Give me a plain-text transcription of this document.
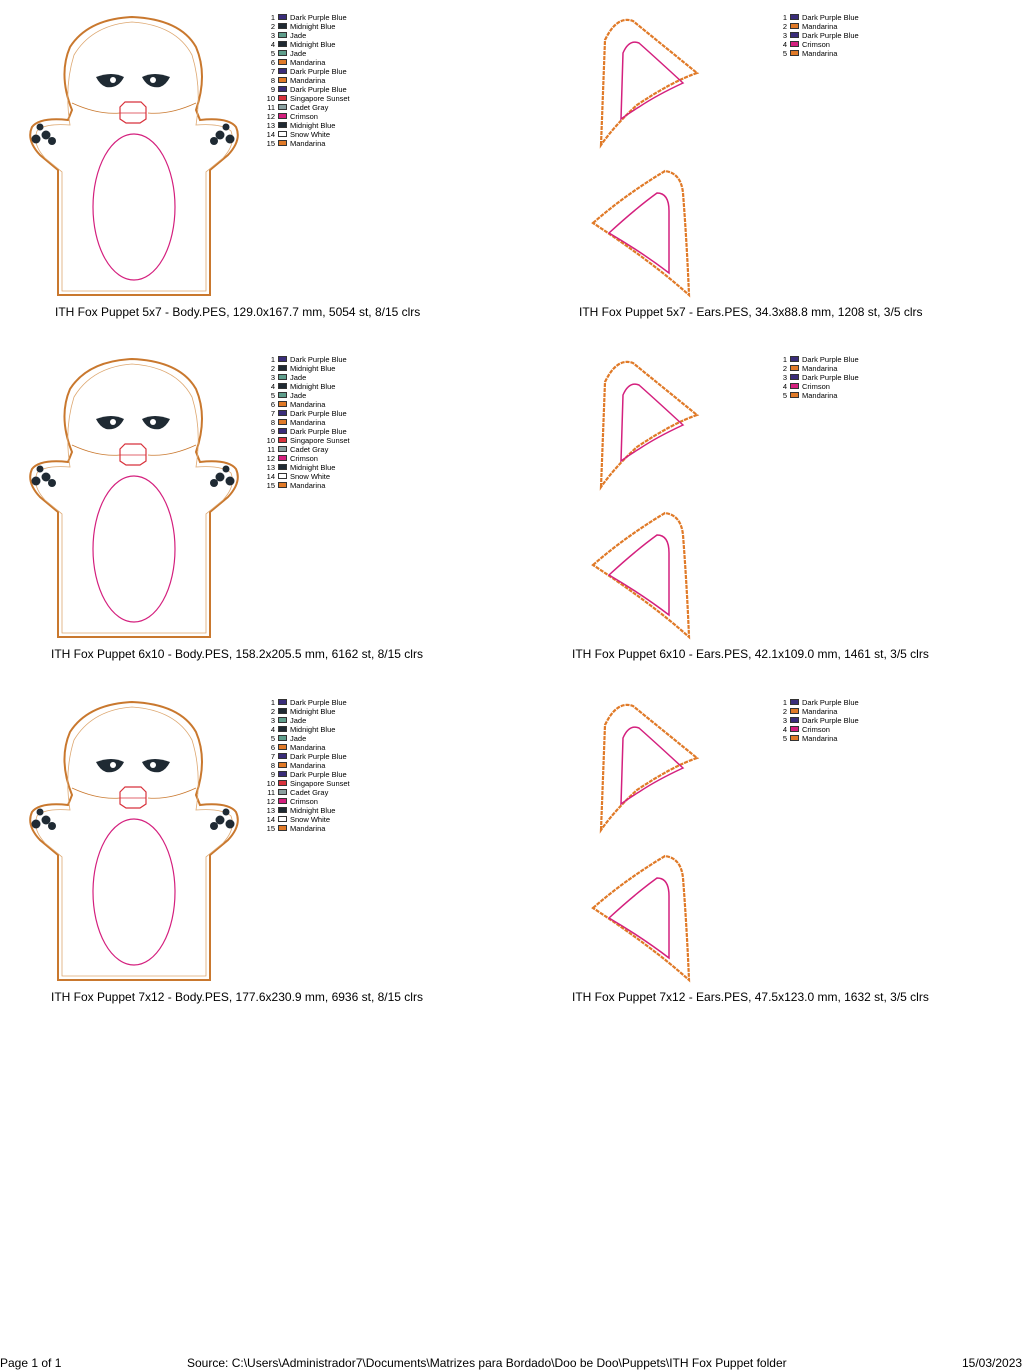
1 Dark Purple Blue
2 Midnight Blue
3 Jade
4 Midnight Blue
5 Jade
6 Mandarina
7 Dark Purple Blue
8 Mandarina
9 Dark Purple Blue
10 Singapore Sunset
11 Cadet Gray
12 Crimson
13 Midnight Blue
14 Snow White
15 Mandarina
ITH Fox Puppet 5x7 - Body.PES, 129.0x167.7 mm, 5054 st, 8/15 clrs
1 Dark Purple Blue
2 Mandarina
3 Dark Purple Blue
4 Crimson
5 Mandarina
ITH Fox Puppet 5x7 - Ears.PES, 34.3x88.8 mm, 1208 st, 3/5 clrs
1 Dark Purple Blue
2 Midnight Blue
3 Jade
4 Midnight Blue
5 Jade
6 Mandarina
7 Dark Purple Blue
8 Mandarina
9 Dark Purple Blue
10 Singapore Sunset
11 Cadet Gray
12 Crimson
13 Midnight Blue
14 Snow White
15 Mandarina
ITH Fox Puppet 6x10 - Body.PES, 158.2x205.5 mm, 6162 st, 8/15 clrs
1 Dark Purple Blue
2 Mandarina
3 Dark Purple Blue
4 Crimson
5 Mandarina
ITH Fox Puppet 6x10 - Ears.PES, 42.1x109.0 mm, 1461 st, 3/5 clrs
1 Dark Purple Blue
2 Midnight Blue
3 Jade
4 Midnight Blue
5 Jade
6 Mandarina
7 Dark Purple Blue
8 Mandarina
9 Dark Purple Blue
10 Singapore Sunset
11 Cadet Gray
12 Crimson
13 Midnight Blue
14 Snow White
15 Mandarina
ITH Fox Puppet 7x12 - Body.PES, 177.6x230.9 mm, 6936 st, 8/15 clrs
1 Dark Purple Blue
2 Mandarina
3 Dark Purple Blue
4 Crimson
5 Mandarina
ITH Fox Puppet 7x12 - Ears.PES, 47.5x123.0 mm, 1632 st, 3/5 clrs
Page 1 of 1	Source: C:\Users\Administrador7\Documents\Matrizes para Bordado\Doo be Doo\Puppets\ITH Fox Puppet folder	15/03/2023
